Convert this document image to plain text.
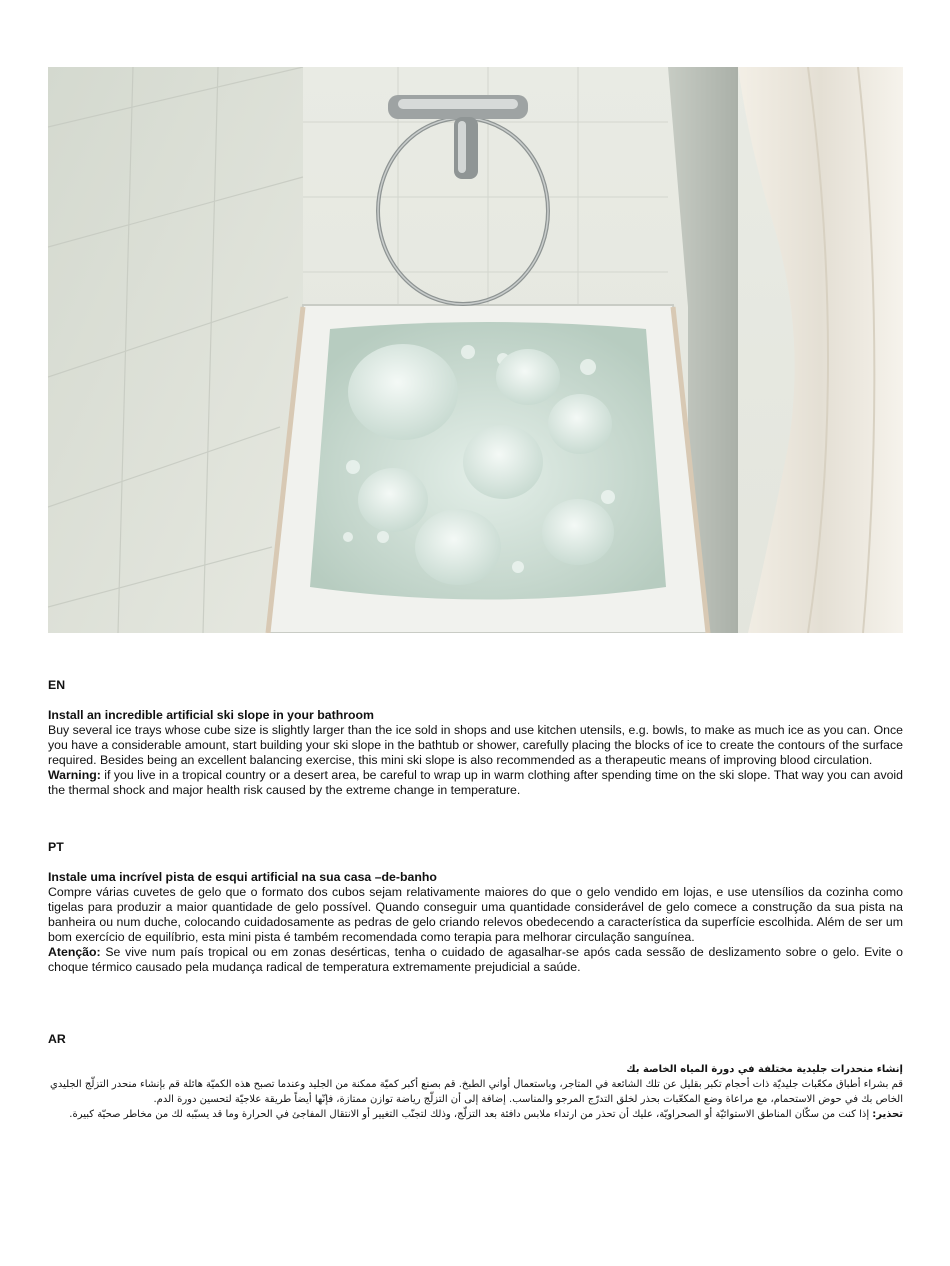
EN

Install an incredible artificial ski slope in your bathroom

Buy several ice trays whose cube size is slightly larger than the ice sold in shops and use kitchen utensils, e.g. bowls, to make as much ice as you can. Once you have a considerable amount, start building your ski slope in the bathtub or shower, carefully placing the blocks of ice to create the contours of the surface required. Besides being an excellent balancing exercise, this mini ski slope is also recommended as a therapeutic means of improving blood circulation.

Warning: if you live in a tropical country or a desert area, be careful to wrap up in warm clothing after spending time on the ski slope. That way you can avoid the thermal shock and major health risk caused by the extreme change in temperature.

PT

Instale uma incrível pista de esqui artificial na sua casa –de-banho

Compre várias cuvetes de gelo que o formato dos cubos sejam relativamente maiores do que o gelo vendido em lojas, e use utensílios da cozinha como tigelas para produzir a maior quantidade de gelo possível. Quando conseguir uma quantidade considerável de gelo comece a construção da sua pista na banheira ou num duche, colocando cuidadosamente as pedras de gelo criando relevos obedecendo a característica da superfície escolhida. Além de ser um bom exercício de equilíbrio, esta mini pista é também recomendada como terapia para melhorar circulação sanguínea.

Atenção: Se vive num país tropical ou em zonas desérticas, tenha o cuidado de agasalhar-se após cada sessão de deslizamento sobre o gelo. Evite o choque térmico causado pela mudança radical de temperatura extremamente prejudicial a saúde.

AR

إنشاء منحدرات جليدية مختلفة في دورة المياه الخاصة بك
قم بشراء أطباق مكعّبات جليديّة ذات أحجام تكبر بقليل عن تلك الشائعة في المتاجر، وباستعمال أواني الطبخ. قم بصنع أكبر كميّة ممكنة من الجليد وعندما تصبح هذه الكميّة هائلة قم بإنشاء منحدر التزلّج الجليدي الخاص بك في حوض الاستحمام، مع مراعاة وضع المكعّبات بحذر لخلق التدرّج المرجو والمناسب. إضافة إلى أن التزلّج رياضة توازن ممتازة، فإنّها أيضاً طريقة علاجيّة لتحسين دورة الدم.
تحذير: إذا كنت من سكّان المناطق الاستوائيّة أو الصحراويّة، عليك أن تحذر من ارتداء ملابس دافئة بعد التزلّج، وذلك لتجنّب التغيير أو الانتقال المفاجئ في الحرارة وما قد يسبّبه لك من مخاطر صحيّة كبيرة.
